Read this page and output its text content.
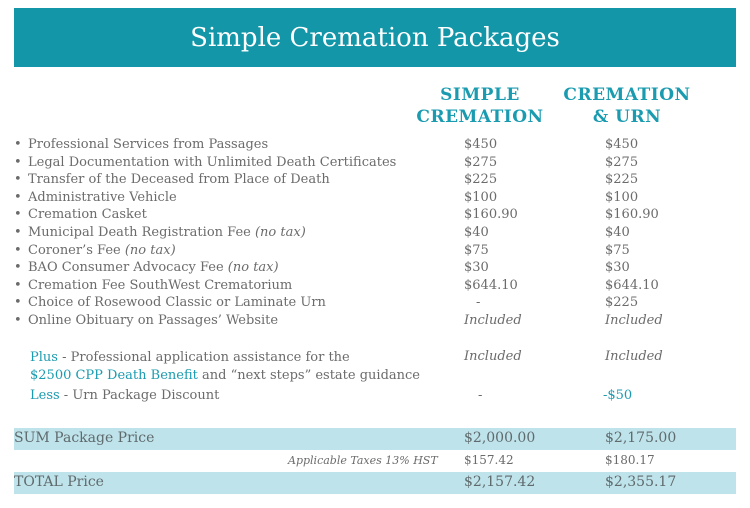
Simple Cremation Packages
SIMPLE
CREMATION
CREMATION
& URN
• Professional Services from Passages	$450	$450
• Legal Documentation with Unlimited Death Certificates	$275	$275
• Transfer of the Deceased from Place of Death	$225	$225
• Administrative Vehicle	$100	$100
• Cremation Casket	$160.90	$160.90
• Municipal Death Registration Fee (no tax)	$40	$40
• Coroner’s Fee (no tax)	$75	$75
• BAO Consumer Advocacy Fee (no tax)	$30	$30
• Cremation Fee SouthWest Crematorium	$644.10	$644.10
• Choice of Rosewood Classic or Laminate Urn	-	$225
• Online Obituary on Passages’ Website	Included	Included
Plus - Professional application assistance for the
$2500 CPP Death Benefit and “next steps” estate guidance
Included	Included
Less - Urn Package Discount	-	-$50
SUM Package Price	$2,000.00	$2,175.00
Applicable Taxes 13% HST $157.42	$180.17
TOTAL Price	$2,157.42	$2,355.17
